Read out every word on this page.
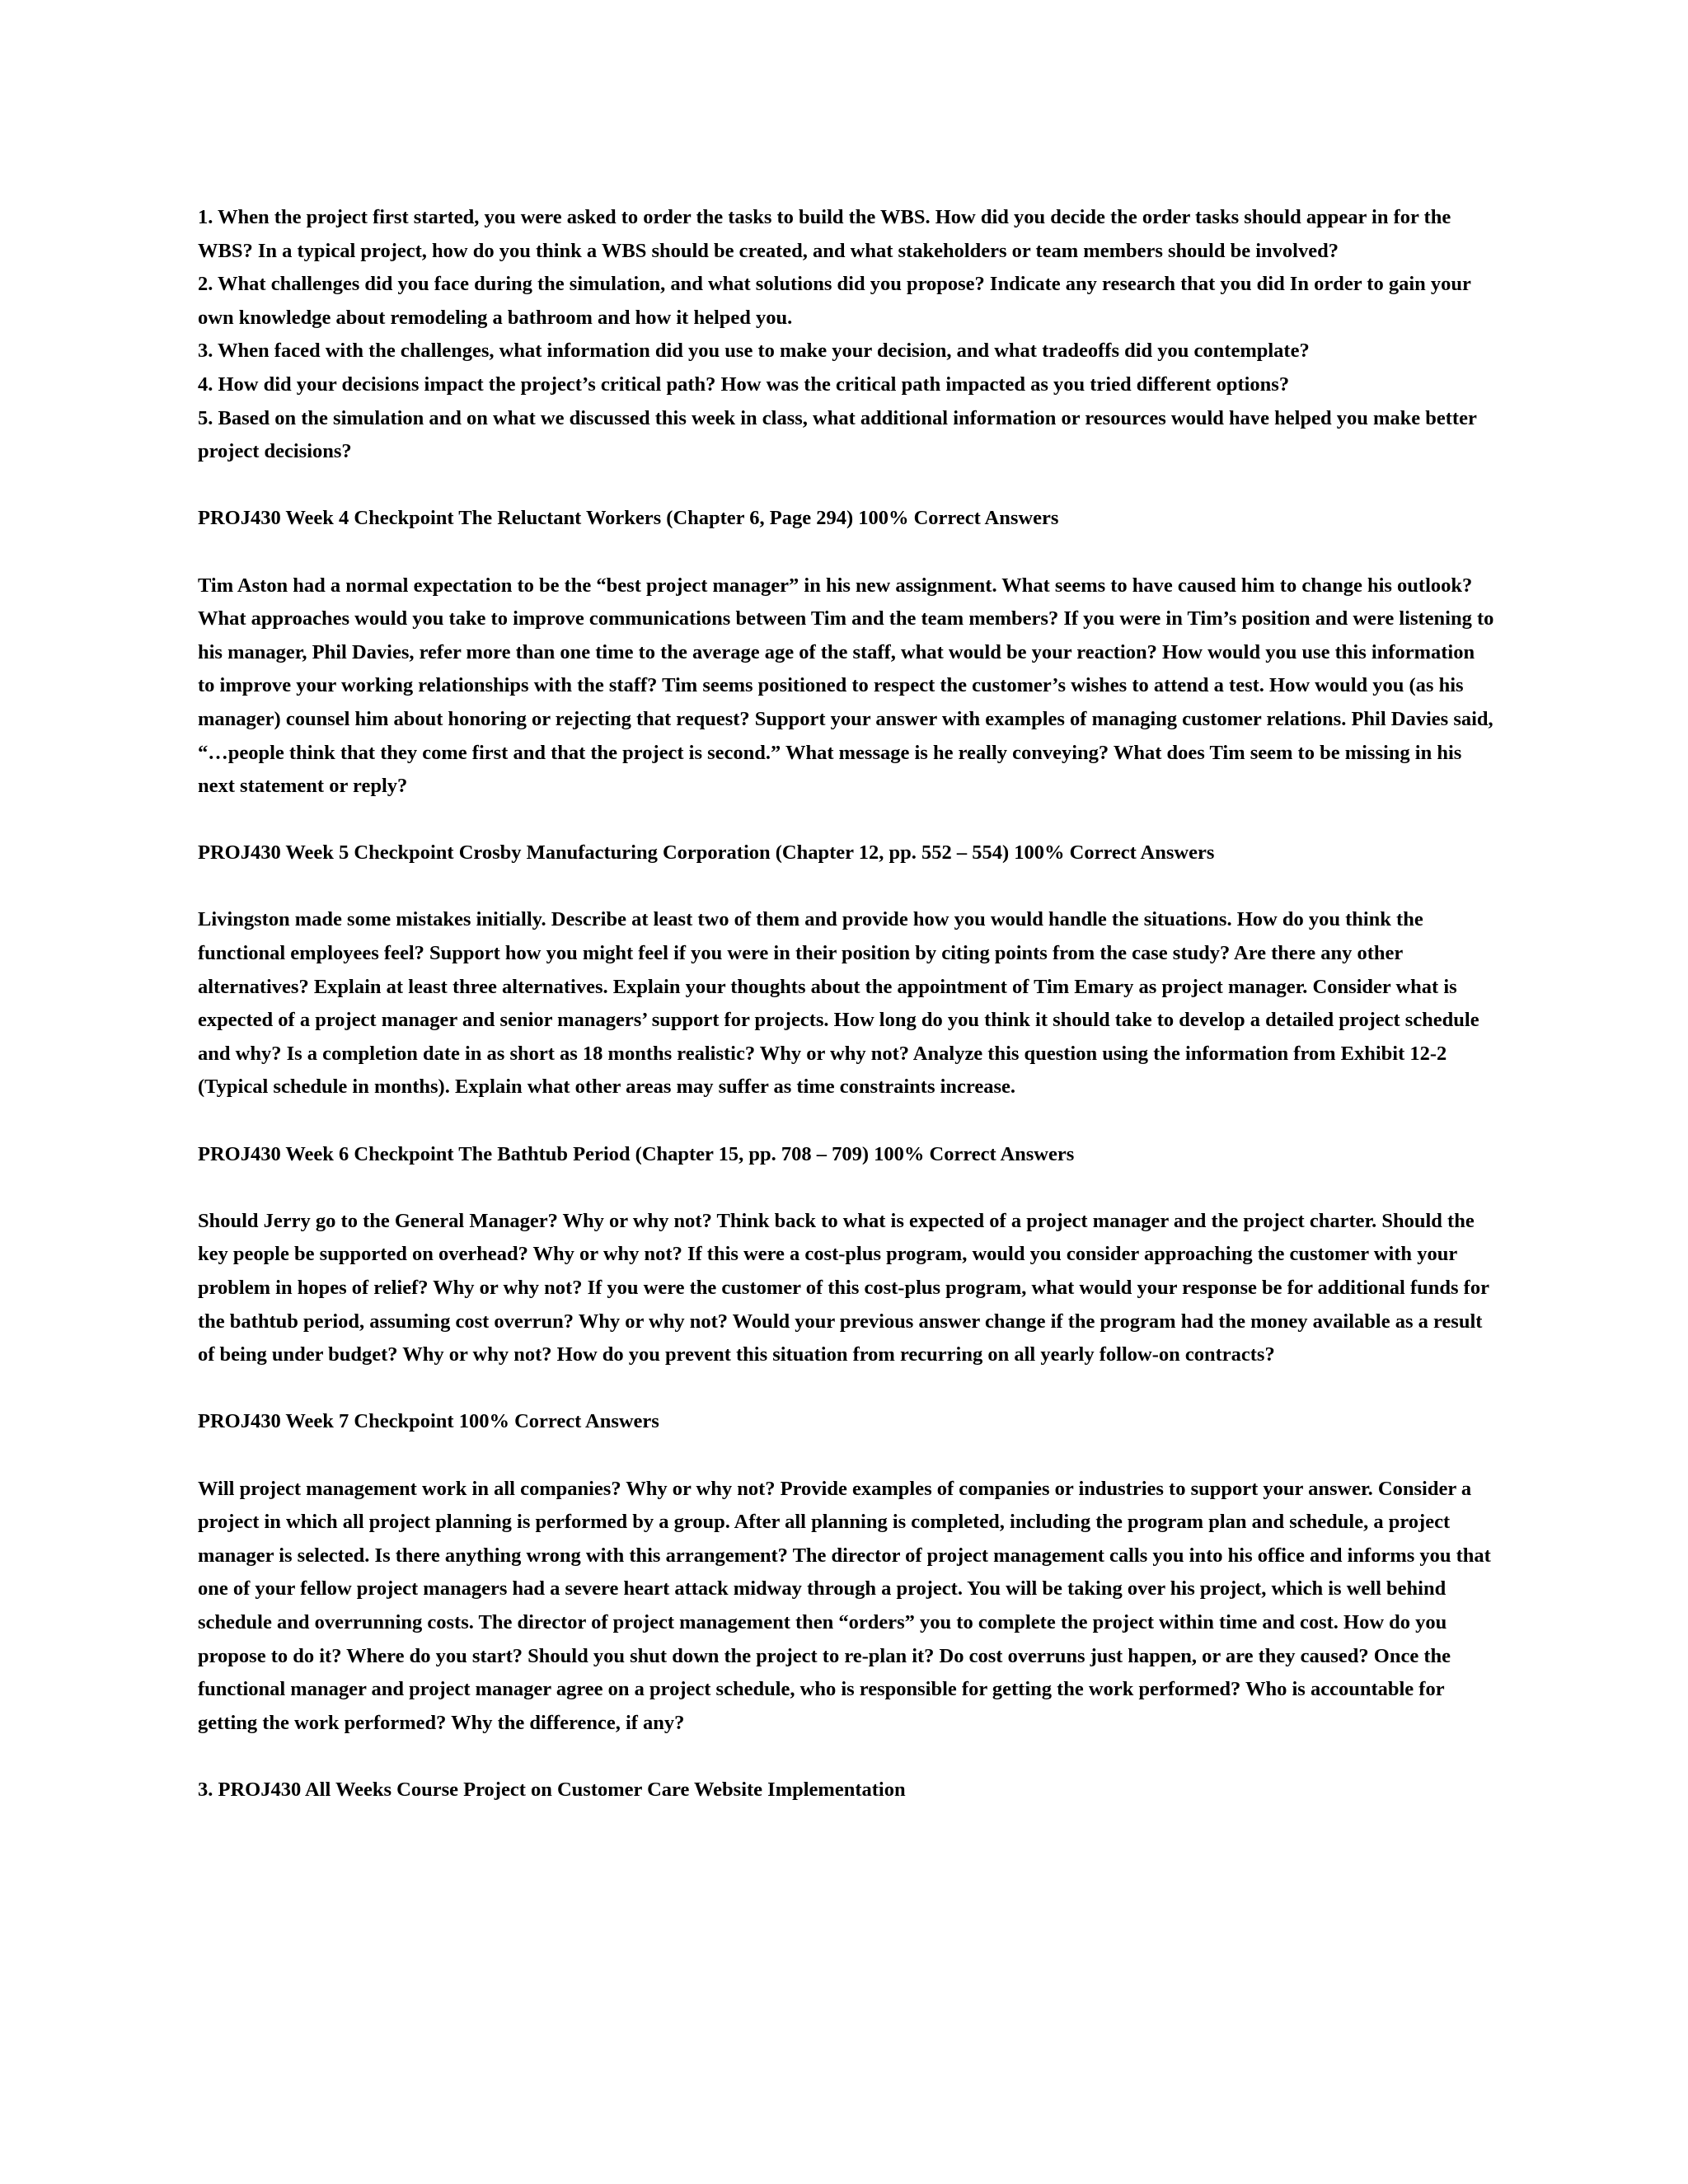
1. When the project first started, you were asked to order the tasks to build the WBS. How did you decide the order tasks should appear in for the WBS? In a typical project, how do you think a WBS should be created, and what stakeholders or team members should be involved?

2. What challenges did you face during the simulation, and what solutions did you propose? Indicate any research that you did In order to gain your own knowledge about remodeling a bathroom and how it helped you.

3. When faced with the challenges, what information did you use to make your decision, and what tradeoffs did you contemplate?

4. How did your decisions impact the project’s critical path? How was the critical path impacted as you tried different options?

5. Based on the simulation and on what we discussed this week in class, what additional information or resources would have helped you make better project decisions?

PROJ430 Week 4 Checkpoint The Reluctant Workers (Chapter 6, Page 294) 100% Correct Answers

Tim Aston had a normal expectation to be the “best project manager” in his new assignment. What seems to have caused him to change his outlook? What approaches would you take to improve communications between Tim and the team members? If you were in Tim’s position and were listening to his manager, Phil Davies, refer more than one time to the average age of the staff, what would be your reaction? How would you use this information to improve your working relationships with the staff? Tim seems positioned to respect the customer’s wishes to attend a test. How would you (as his manager) counsel him about honoring or rejecting that request? Support your answer with examples of managing customer relations. Phil Davies said, “…people think that they come first and that the project is second.” What message is he really conveying? What does Tim seem to be missing in his next statement or reply?

PROJ430 Week 5 Checkpoint Crosby Manufacturing Corporation (Chapter 12, pp. 552 – 554) 100% Correct Answers

Livingston made some mistakes initially. Describe at least two of them and provide how you would handle the situations. How do you think the functional employees feel? Support how you might feel if you were in their position by citing points from the case study? Are there any other alternatives? Explain at least three alternatives. Explain your thoughts about the appointment of Tim Emary as project manager. Consider what is expected of a project manager and senior managers’ support for projects. How long do you think it should take to develop a detailed project schedule and why? Is a completion date in as short as 18 months realistic? Why or why not? Analyze this question using the information from Exhibit 12-2 (Typical schedule in months). Explain what other areas may suffer as time constraints increase.

PROJ430 Week 6 Checkpoint The Bathtub Period (Chapter 15, pp. 708 – 709) 100% Correct Answers

Should Jerry go to the General Manager? Why or why not? Think back to what is expected of a project manager and the project charter. Should the key people be supported on overhead? Why or why not? If this were a cost-plus program, would you consider approaching the customer with your problem in hopes of relief? Why or why not? If you were the customer of this cost-plus program, what would your response be for additional funds for the bathtub period, assuming cost overrun? Why or why not? Would your previous answer change if the program had the money available as a result of being under budget? Why or why not? How do you prevent this situation from recurring on all yearly follow-on contracts?

PROJ430 Week 7 Checkpoint 100% Correct Answers

Will project management work in all companies? Why or why not? Provide examples of companies or industries to support your answer. Consider a project in which all project planning is performed by a group. After all planning is completed, including the program plan and schedule, a project manager is selected. Is there anything wrong with this arrangement? The director of project management calls you into his office and informs you that one of your fellow project managers had a severe heart attack midway through a project. You will be taking over his project, which is well behind schedule and overrunning costs. The director of project management then “orders” you to complete the project within time and cost. How do you propose to do it? Where do you start? Should you shut down the project to re-plan it? Do cost overruns just happen, or are they caused? Once the functional manager and project manager agree on a project schedule, who is responsible for getting the work performed? Who is accountable for getting the work performed? Why the difference, if any?

3. PROJ430 All Weeks Course Project on Customer Care Website Implementation
